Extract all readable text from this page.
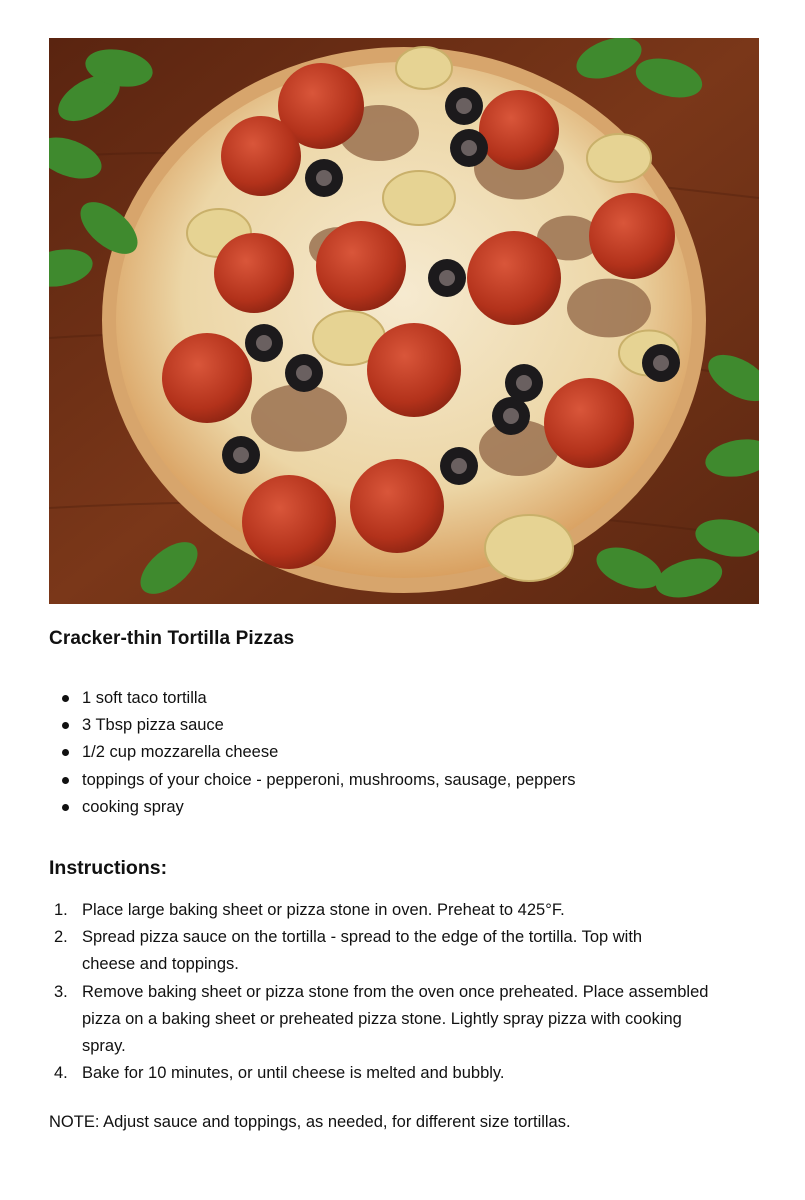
Cracker-thin Tortilla Pizzas
1 soft taco tortilla
3 Tbsp pizza sauce
1/2 cup mozzarella cheese
toppings of your choice - pepperoni, mushrooms, sausage, peppers
cooking spray
Instructions:
1. Place large baking sheet or pizza stone in oven. Preheat to 425°F.
2. Spread pizza sauce on the tortilla - spread to the edge of the tortilla. Top with
cheese and toppings.
3. Remove baking sheet or pizza stone from the oven once preheated. Place assembled
pizza on a baking sheet or preheated pizza stone. Lightly spray pizza with cooking
spray.
4. Bake for 10 minutes, or until cheese is melted and bubbly.

NOTE: Adjust sauce and toppings, as needed, for different size tortillas.
